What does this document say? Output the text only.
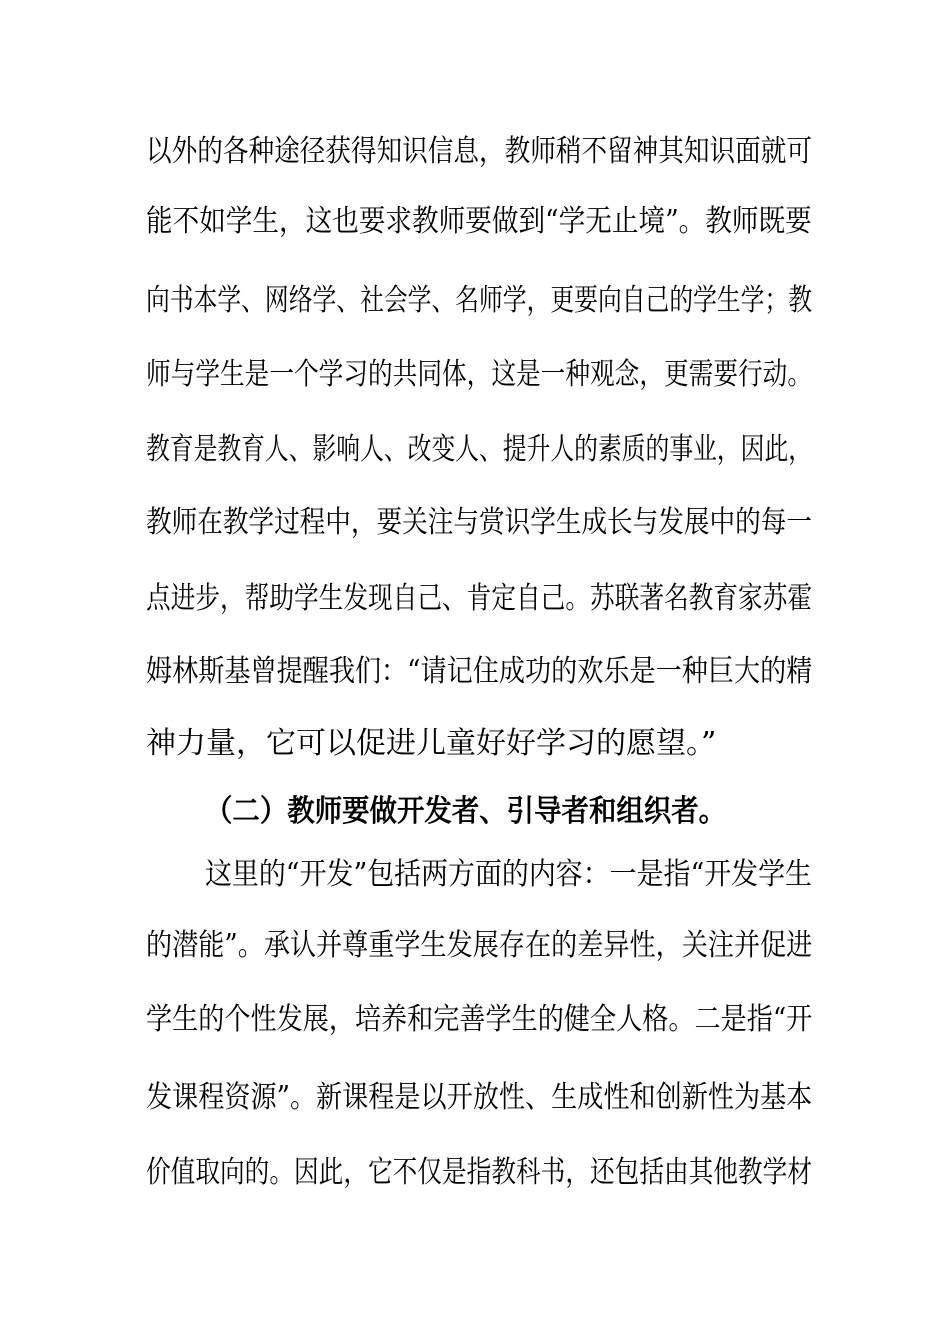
以外的各种途径获得知识信息，教师稍不留神其知识面就可
能不如学生，这也要求教师要做到“学无止境”。教师既要
向书本学、网络学、社会学、名师学，更要向自己的学生学；教
师与学生是一个学习的共同体，这是一种观念，更需要行动。
教育是教育人、影响人、改变人、提升人的素质的事业，因此，
教师在教学过程中，要关注与赏识学生成长与发展中的每一
点进步，帮助学生发现自己、肯定自己。苏联著名教育家苏霍
姆林斯基曾提醒我们：“请记住成功的欢乐是一种巨大的精
神力量，它可以促进儿童好好学习的愿望。”
（二）教师要做开发者、引导者和组织者。
这里的“开发”包括两方面的内容：一是指“开发学生
的潜能”。承认并尊重学生发展存在的差异性，关注并促进
学生的个性发展，培养和完善学生的健全人格。二是指“开
发课程资源”。新课程是以开放性、生成性和创新性为基本
价值取向的。因此，它不仅是指教科书，还包括由其他教学材
